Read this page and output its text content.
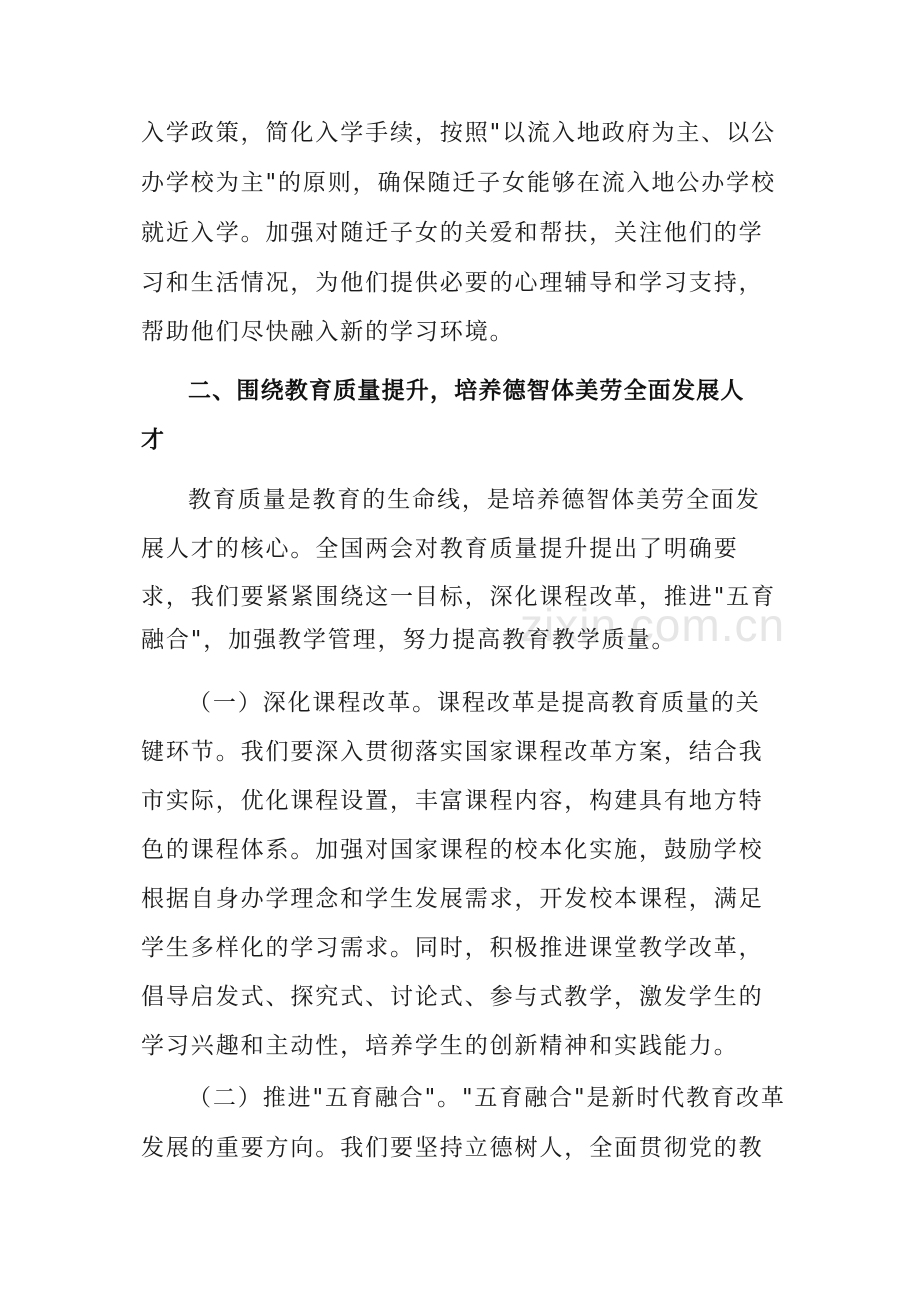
zixin.com.cn
入学政策，简化入学手续，按照"以流入地政府为主、以公
办学校为主"的原则，确保随迁子女能够在流入地公办学校
就近入学。加强对随迁子女的关爱和帮扶，关注他们的学
习和生活情况，为他们提供必要的心理辅导和学习支持，
帮助他们尽快融入新的学习环境。
二、围绕教育质量提升，培养德智体美劳全面发展人
才
教育质量是教育的生命线，是培养德智体美劳全面发
展人才的核心。全国两会对教育质量提升提出了明确要
求，我们要紧紧围绕这一目标，深化课程改革，推进"五育
融合"，加强教学管理，努力提高教育教学质量。
（一）深化课程改革。课程改革是提高教育质量的关
键环节。我们要深入贯彻落实国家课程改革方案，结合我
市实际，优化课程设置，丰富课程内容，构建具有地方特
色的课程体系。加强对国家课程的校本化实施，鼓励学校
根据自身办学理念和学生发展需求，开发校本课程，满足
学生多样化的学习需求。同时，积极推进课堂教学改革，
倡导启发式、探究式、讨论式、参与式教学，激发学生的
学习兴趣和主动性，培养学生的创新精神和实践能力。
（二）推进"五育融合"。"五育融合"是新时代教育改革
发展的重要方向。我们要坚持立德树人，全面贯彻党的教
